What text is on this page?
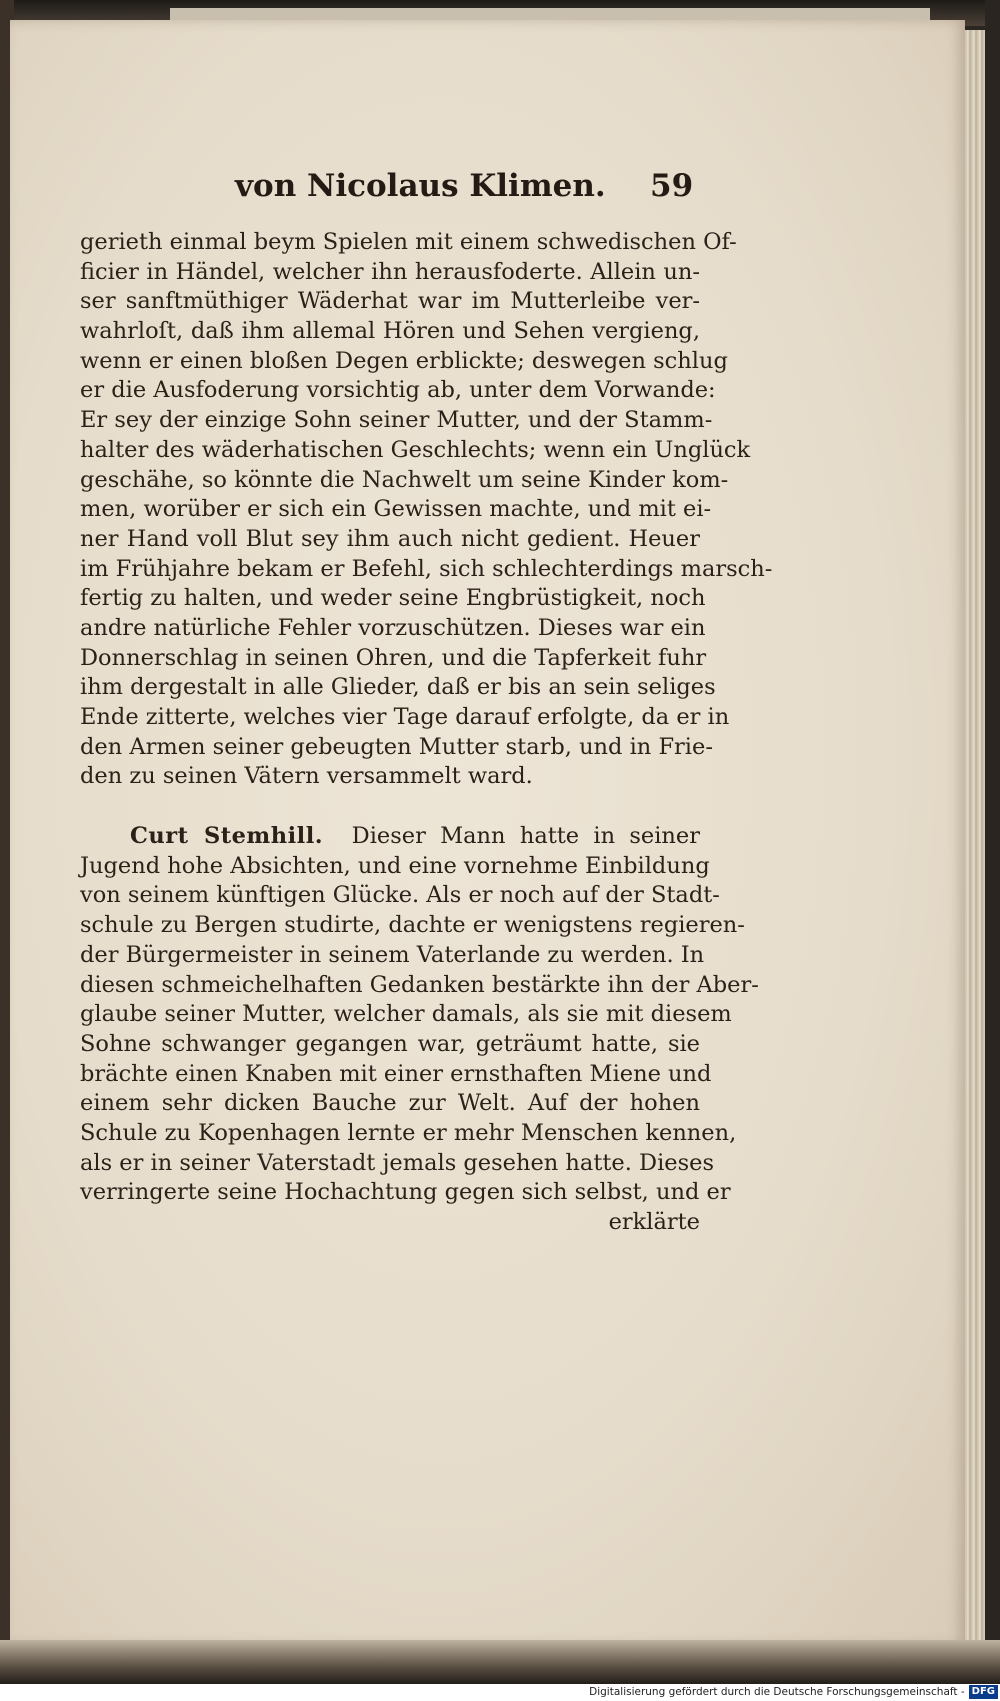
von Nicolaus Klimen. 59
gerieth einmal beym Spielen mit einem schwedischen Of-
ficier in Händel, welcher ihn herausfoderte. Allein un-
ser sanftmüthiger Wäderhat war im Mutterleibe ver-
wahrloſt, daß ihm allemal Hören und Sehen vergieng,
wenn er einen bloßen Degen erblickte; deswegen schlug
er die Ausfoderung vorsichtig ab, unter dem Vorwande:
Er sey der einzige Sohn seiner Mutter, und der Stamm-
halter des wäderhatischen Geschlechts; wenn ein Unglück
geschähe, so könnte die Nachwelt um seine Kinder kom-
men, worüber er sich ein Gewissen machte, und mit ei-
ner Hand voll Blut sey ihm auch nicht gedient. Heuer
im Frühjahre bekam er Befehl, sich schlechterdings marsch-
fertig zu halten, und weder seine Engbrüstigkeit, noch
andre natürliche Fehler vorzuschützen. Dieses war ein
Donnerschlag in seinen Ohren, und die Tapferkeit fuhr
ihm dergestalt in alle Glieder, daß er bis an sein seliges
Ende zitterte, welches vier Tage darauf erfolgte, da er in
den Armen seiner gebeugten Mutter starb, und in Frie-
den zu seinen Vätern versammelt ward.
Curt Stemhill. Dieser Mann hatte in seiner
Jugend hohe Absichten, und eine vornehme Einbildung
von seinem künftigen Glücke. Als er noch auf der Stadt-
schule zu Bergen studirte, dachte er wenigstens regieren-
der Bürgermeister in seinem Vaterlande zu werden. In
diesen schmeichelhaften Gedanken bestärkte ihn der Aber-
glaube seiner Mutter, welcher damals, als sie mit diesem
Sohne schwanger gegangen war, geträumt hatte, sie
brächte einen Knaben mit einer ernsthaften Miene und
einem sehr dicken Bauche zur Welt. Auf der hohen
Schule zu Kopenhagen lernte er mehr Menschen kennen,
als er in seiner Vaterstadt jemals gesehen hatte. Dieses
verringerte seine Hochachtung gegen sich selbst, und er
erklärte
Digitalisierung gefördert durch die Deutsche Forschungsgemeinschaft - DFG
